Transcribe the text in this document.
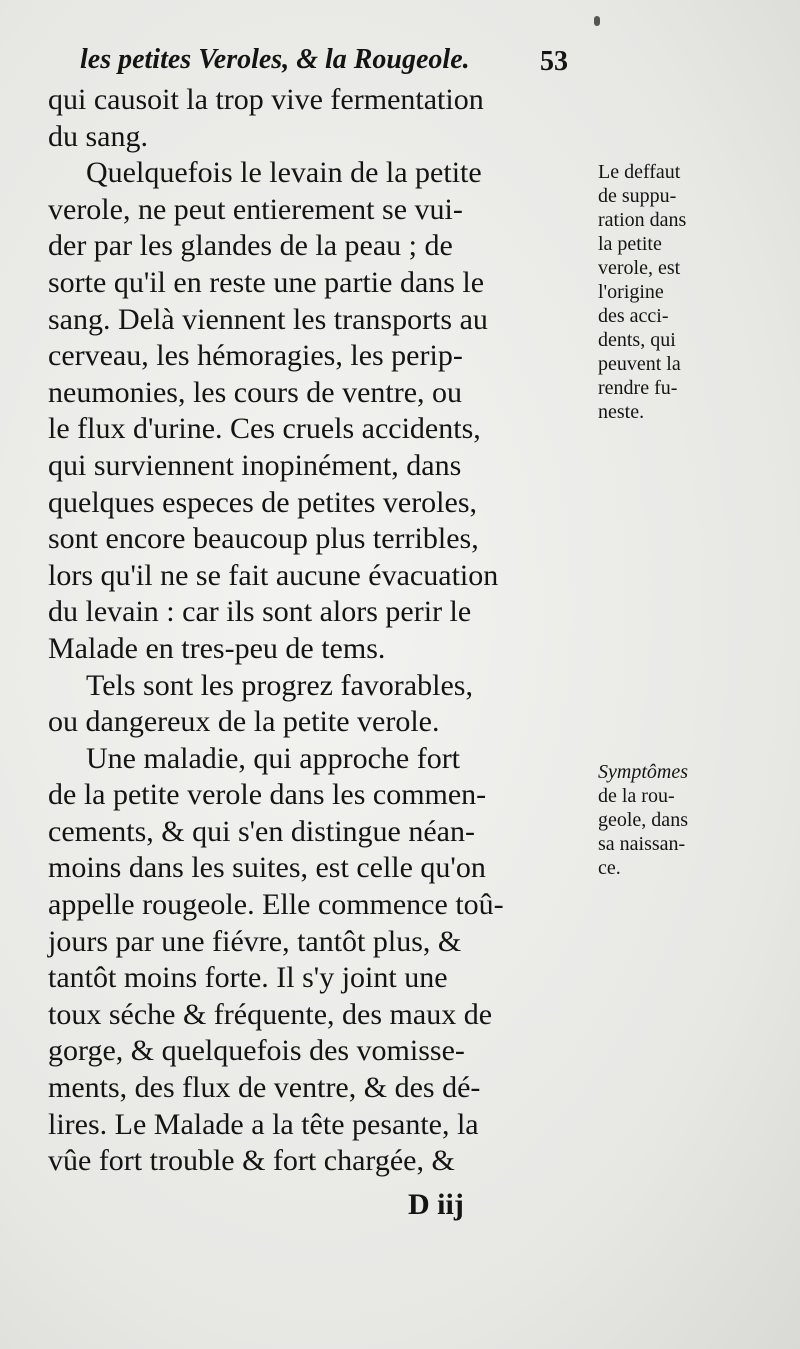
les petites Veroles, & la Rougeole.	53
qui causoit la trop vive fermentation
du sang.
Quelquefois le levain de la petite
verole, ne peut entierement se vui-
der par les glandes de la peau ; de
sorte qu'il en reste une partie dans le
sang. Delà viennent les transports au
cerveau, les hémoragies, les perip-
neumonies, les cours de ventre, ou
le flux d'urine. Ces cruels accidents,
qui surviennent inopinément, dans
quelques especes de petites veroles,
sont encore beaucoup plus terribles,
lors qu'il ne se fait aucune évacuation
du levain : car ils sont alors perir le
Malade en tres-peu de tems.
Tels sont les progrez favorables,
ou dangereux de la petite verole.
Une maladie, qui approche fort
de la petite verole dans les commen-
cements, & qui s'en distingue néan-
moins dans les suites, est celle qu'on
appelle rougeole. Elle commence toû-
jours par une fiévre, tantôt plus, &
tantôt moins forte. Il s'y joint une
toux séche & fréquente, des maux de
gorge, & quelquefois des vomisse-
ments, des flux de ventre, & des dé-
lires. Le Malade a la tête pesante, la
vûe fort trouble & fort chargée, &
Le deffaut
de suppu-
ration dans
la petite
verole, est
l'origine
des acci-
dents, qui
peuvent la
rendre fu-
neste.
Symptômes
de la rou-
geole, dans
sa naissan-
ce.
D iij
